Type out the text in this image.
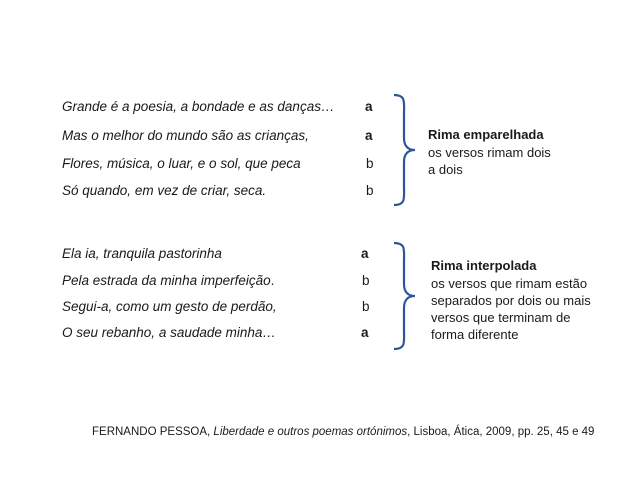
Grande é a poesia, a bondade e as danças…
Mas o melhor do mundo são as crianças,
Flores, música, o luar, e o sol, que peca
Só quando, em vez de criar, seca.
a
a
b
b
Rima emparelhada
os versos rimam dois
a dois
Ela ia, tranquila pastorinha
Pela estrada da minha imperfeição.
Segui-a, como um gesto de perdão,
O seu rebanho, a saudade minha…
a
b
b
a
Rima interpolada
os versos que rimam estão
separados por dois ou mais
versos que terminam de
forma diferente
FERNANDO PESSOA, Liberdade e outros poemas ortónimos, Lisboa, Ática, 2009, pp. 25, 45 e 49
